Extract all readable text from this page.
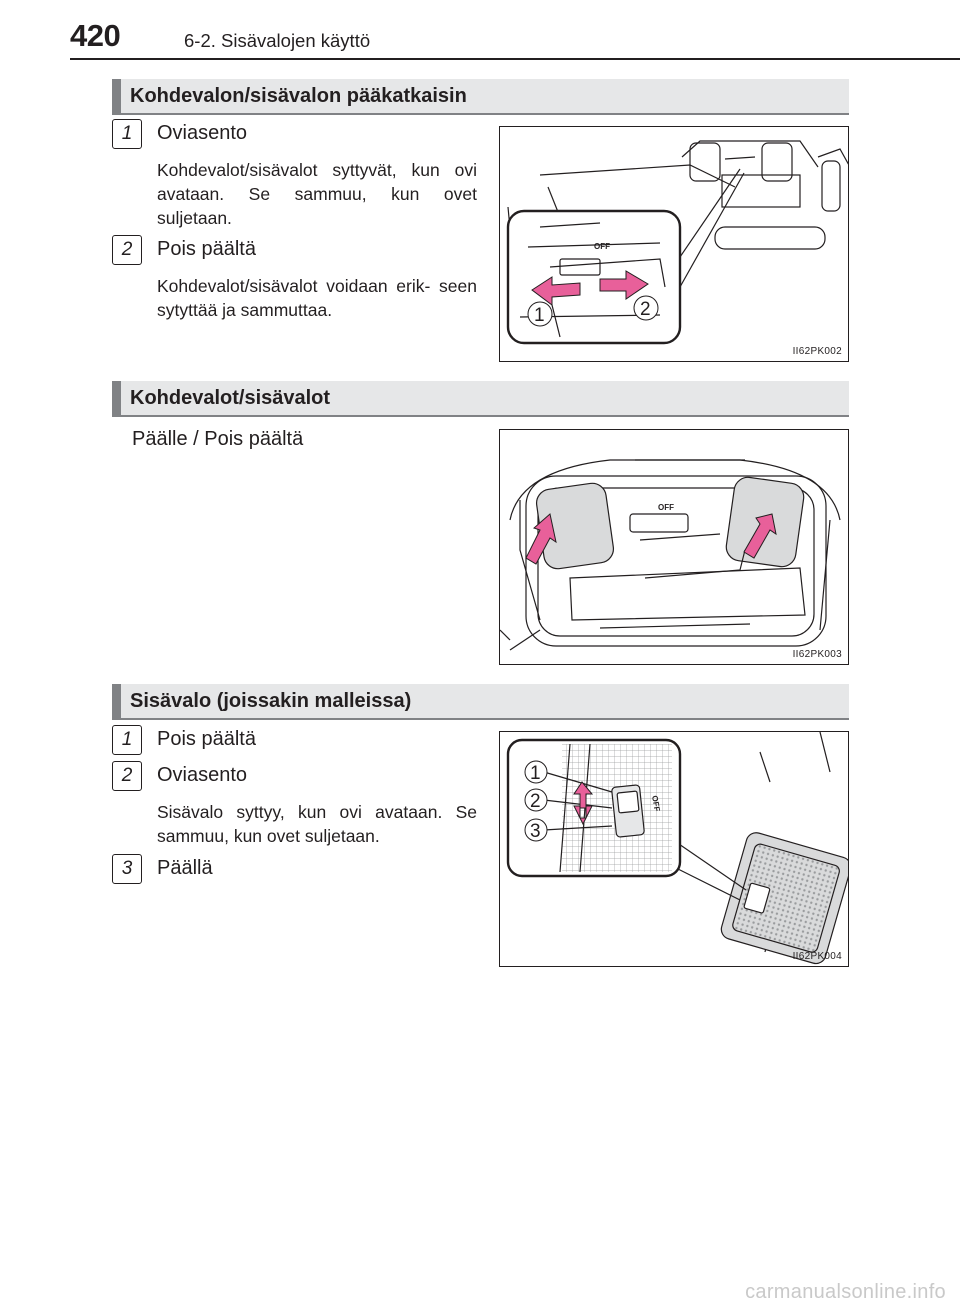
420	6-2. Sisävalojen käyttö
Kohdevalon/sisävalon pääkatkaisin
1	Oviasento
Kohdevalot/sisävalot syttyvät, kun ovi avataan. Se sammuu, kun ovet suljetaan.
2	Pois päältä
Kohdevalot/sisävalot voidaan erik- seen sytyttää ja sammuttaa.
OFF
1	2
II62PK002
Kohdevalot/sisävalot
Päälle / Pois päältä
OFF
II62PK003
Sisävalo (joissakin malleissa)
1	Pois päältä
2	Oviasento
Sisävalo syttyy, kun ovi avataan. Se sammuu, kun ovet suljetaan.
3	Päällä
OFF
1
2
3
II62PK004
carmanualsonline.info
